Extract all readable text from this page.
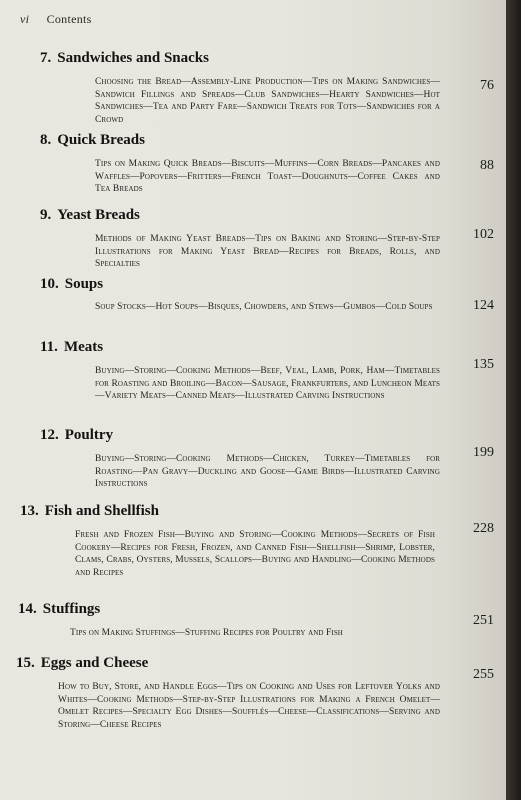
vi Contents
7. Sandwiches and Snacks
76
Choosing the Bread—Assembly-Line Production—Tips on Making Sandwiches—Sandwich Fillings and Spreads—Club Sandwiches—Hearty Sandwiches—Hot Sandwiches—Tea and Party Fare—Sandwich Treats for Tots—Sandwiches for a Crowd
8. Quick Breads
88
Tips on Making Quick Breads—Biscuits—Muffins—Corn Breads—Pancakes and Waffles—Popovers—Fritters—French Toast—Doughnuts—Coffee Cakes and Tea Breads
9. Yeast Breads
102
Methods of Making Yeast Breads—Tips on Baking and Storing—Step-by-Step Illustrations for Making Yeast Bread—Recipes for Breads, Rolls, and Specialties
10. Soups
124
Soup Stocks—Hot Soups—Bisques, Chowders, and Stews—Gumbos—Cold Soups
11. Meats
135
Buying—Storing—Cooking Methods—Beef, Veal, Lamb, Pork, Ham—Timetables for Roasting and Broiling—Bacon—Sausage, Frankfurters, and Luncheon Meats—Variety Meats—Canned Meats—Illustrated Carving Instructions
12. Poultry
199
Buying—Storing—Cooking Methods—Chicken, Turkey—Timetables for Roasting—Pan Gravy—Duckling and Goose—Game Birds—Illustrated Carving Instructions
13. Fish and Shellfish
228
Fresh and Frozen Fish—Buying and Storing—Cooking Methods—Secrets of Fish Cookery—Recipes for Fresh, Frozen, and Canned Fish—Shellfish—Shrimp, Lobster, Clams, Crabs, Oysters, Mussels, Scallops—Buying and Handling—Cooking Methods and Recipes
14. Stuffings
251
Tips on Making Stuffings—Stuffing Recipes for Poultry and Fish
15. Eggs and Cheese
255
How to Buy, Store, and Handle Eggs—Tips on Cooking and Uses for Leftover Yolks and Whites—Cooking Methods—Step-by-Step Illustrations for Making a French Omelet—Omelet Recipes—Specialty Egg Dishes—Soufflés—Cheese—Classifications—Serving and Storing—Cheese Recipes
